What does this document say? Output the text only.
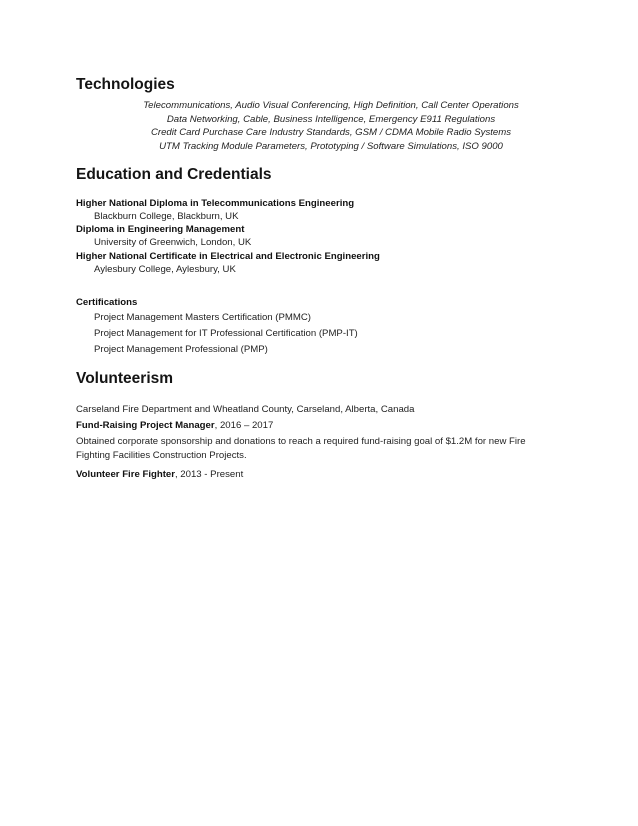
Technologies
Telecommunications, Audio Visual Conferencing, High Definition, Call Center Operations
Data Networking, Cable, Business Intelligence, Emergency E911 Regulations
Credit Card Purchase Care Industry Standards, GSM / CDMA Mobile Radio Systems
UTM Tracking Module Parameters, Prototyping / Software Simulations, ISO 9000
Education and Credentials
Higher National Diploma in Telecommunications Engineering
Blackburn College, Blackburn, UK
Diploma in Engineering Management
University of Greenwich, London, UK
Higher National Certificate in Electrical and Electronic Engineering
Aylesbury College, Aylesbury, UK
Certifications
Project Management Masters Certification (PMMC)
Project Management for IT Professional Certification (PMP-IT)
Project Management Professional (PMP)
Volunteerism
Carseland Fire Department and Wheatland County, Carseland, Alberta, Canada
Fund-Raising Project Manager, 2016 – 2017
Obtained corporate sponsorship and donations to reach a required fund-raising goal of $1.2M for new Fire
Fighting Facilities Construction Projects.
Volunteer Fire Fighter, 2013 - Present
